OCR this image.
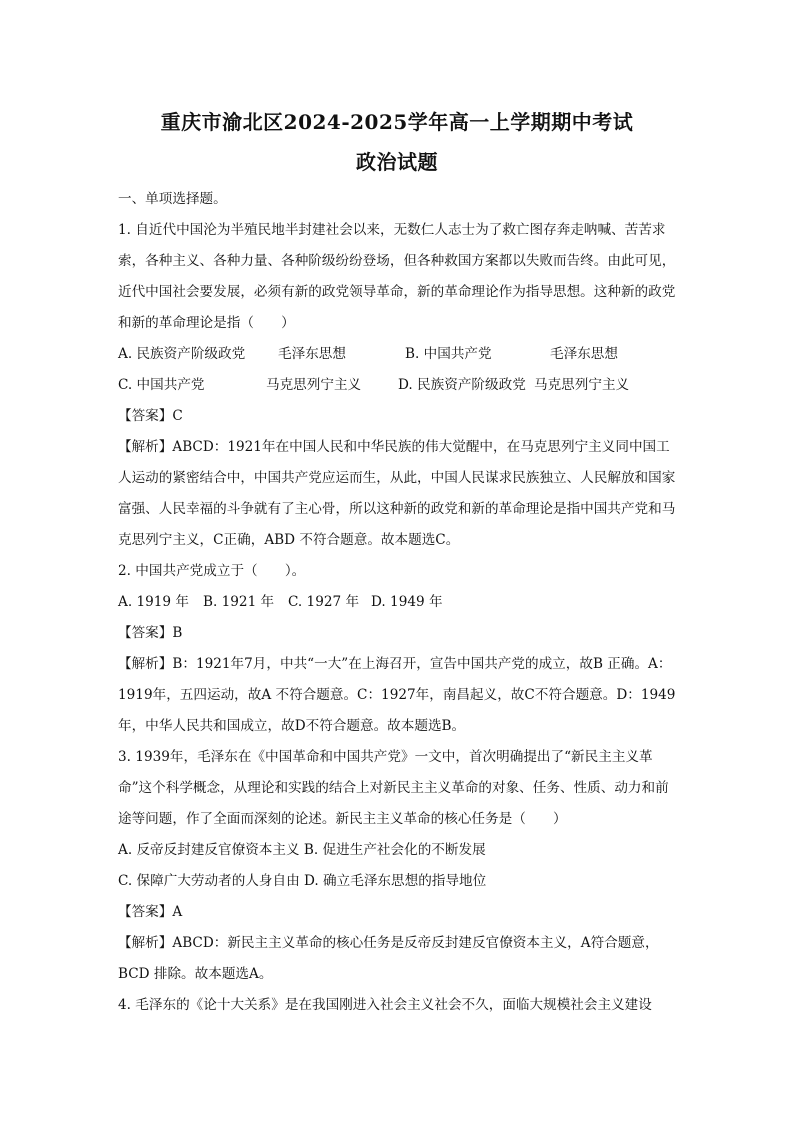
重庆市渝北区2024-2025学年高一上学期期中考试
政治试题

一、单项选择题。

1. 自近代中国沦为半殖民地半封建社会以来，无数仁人志士为了救亡图存奔走呐喊、苦苦求索，各种主义、各种力量、各种阶级纷纷登场，但各种救国方案都以失败而告终。由此可见，近代中国社会要发展，必须有新的政党领导革命，新的革命理论作为指导思想。这种新的政党和新的革命理论是指（　　）

A. 民族资产阶级政党 毛泽东思想	B. 中国共产党	毛泽东思想
C. 中国共产党	马克思列宁主义	D. 民族资产阶级政党 马克思列宁主义

【答案】C

【解析】ABCD：1921年在中国人民和中华民族的伟大觉醒中，在马克思列宁主义同中国工人运动的紧密结合中，中国共产党应运而生，从此，中国人民谋求民族独立、人民解放和国家富强、人民幸福的斗争就有了主心骨，所以这种新的政党和新的革命理论是指中国共产党和马克思列宁主义，C正确，ABD 不符合题意。故本题选C。

2. 中国共产党成立于（　　）。

A. 1919 年	B. 1921 年	C. 1927 年 D. 1949 年

【答案】B

【解析】B：1921年7月，中共“一大”在上海召开，宣告中国共产党的成立，故B 正确。A：1919年，五四运动，故A 不符合题意。C：1927年，南昌起义，故C不符合题意。D：1949年，中华人民共和国成立，故D不符合题意。故本题选B。

3. 1939年，毛泽东在《中国革命和中国共产党》一文中，首次明确提出了“新民主主义革命”这个科学概念，从理论和实践的结合上对新民主主义革命的对象、任务、性质、动力和前途等问题，作了全面而深刻的论述。新民主主义革命的核心任务是（　　）

A. 反帝反封建反官僚资本主义 B. 促进生产社会化的不断发展

C. 保障广大劳动者的人身自由 D. 确立毛泽东思想的指导地位

【答案】A

【解析】ABCD：新民主主义革命的核心任务是反帝反封建反官僚资本主义，A符合题意，BCD 排除。故本题选A。

4. 毛泽东的《论十大关系》是在我国刚进入社会主义社会不久，面临大规模社会主义建设
